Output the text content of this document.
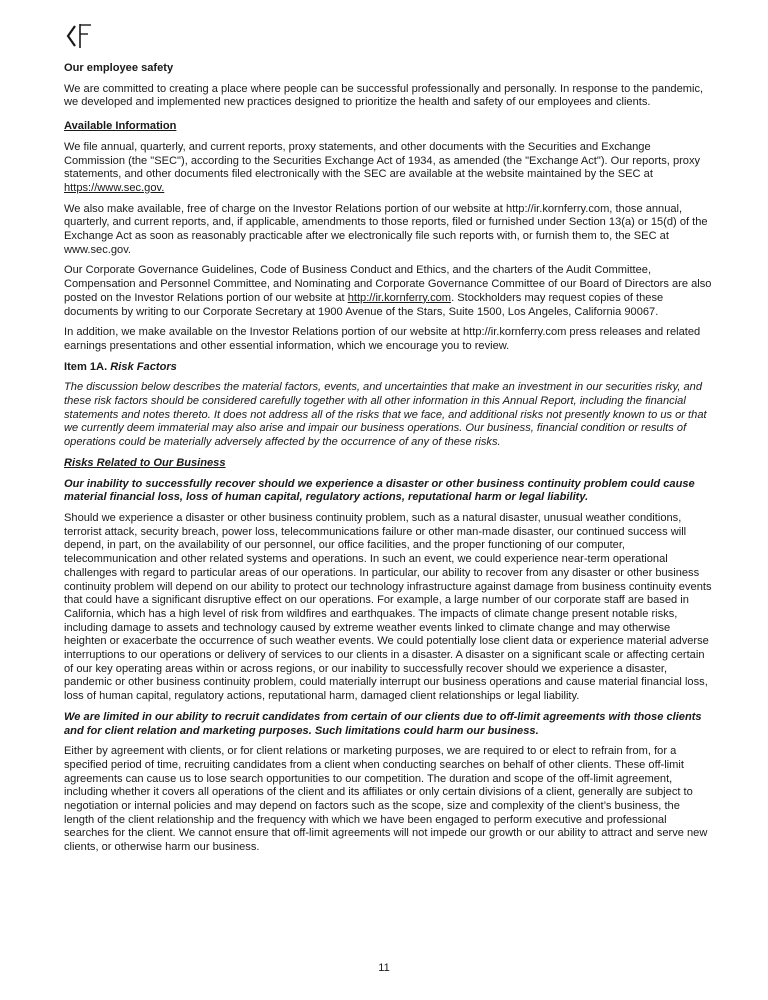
Our employee safety

We are committed to creating a place where people can be successful professionally and personally. In response to the pandemic, we developed and implemented new practices designed to prioritize the health and safety of our employees and clients.

Available Information

We file annual, quarterly, and current reports, proxy statements, and other documents with the Securities and Exchange Commission (the "SEC"), according to the Securities Exchange Act of 1934, as amended (the "Exchange Act"). Our reports, proxy statements, and other documents filed electronically with the SEC are available at the website maintained by the SEC at https://www.sec.gov.

We also make available, free of charge on the Investor Relations portion of our website at http://ir.kornferry.com, those annual, quarterly, and current reports, and, if applicable, amendments to those reports, filed or furnished under Section 13(a) or 15(d) of the Exchange Act as soon as reasonably practicable after we electronically file such reports with, or furnish them to, the SEC at www.sec.gov.

Our Corporate Governance Guidelines, Code of Business Conduct and Ethics, and the charters of the Audit Committee, Compensation and Personnel Committee, and Nominating and Corporate Governance Committee of our Board of Directors are also posted on the Investor Relations portion of our website at http://ir.kornferry.com. Stockholders may request copies of these documents by writing to our Corporate Secretary at 1900 Avenue of the Stars, Suite 1500, Los Angeles, California 90067.

In addition, we make available on the Investor Relations portion of our website at http://ir.kornferry.com press releases and related earnings presentations and other essential information, which we encourage you to review.

Item 1A. Risk Factors

The discussion below describes the material factors, events, and uncertainties that make an investment in our securities risky, and these risk factors should be considered carefully together with all other information in this Annual Report, including the financial statements and notes thereto. It does not address all of the risks that we face, and additional risks not presently known to us or that we currently deem immaterial may also arise and impair our business operations. Our business, financial condition or results of operations could be materially adversely affected by the occurrence of any of these risks.

Risks Related to Our Business

Our inability to successfully recover should we experience a disaster or other business continuity problem could cause material financial loss, loss of human capital, regulatory actions, reputational harm or legal liability.

Should we experience a disaster or other business continuity problem, such as a natural disaster, unusual weather conditions, terrorist attack, security breach, power loss, telecommunications failure or other man-made disaster, our continued success will depend, in part, on the availability of our personnel, our office facilities, and the proper functioning of our computer, telecommunication and other related systems and operations. In such an event, we could experience near-term operational challenges with regard to particular areas of our operations. In particular, our ability to recover from any disaster or other business continuity problem will depend on our ability to protect our technology infrastructure against damage from business continuity events that could have a significant disruptive effect on our operations. For example, a large number of our corporate staff are based in California, which has a high level of risk from wildfires and earthquakes. The impacts of climate change present notable risks, including damage to assets and technology caused by extreme weather events linked to climate change and may otherwise heighten or exacerbate the occurrence of such weather events. We could potentially lose client data or experience material adverse interruptions to our operations or delivery of services to our clients in a disaster. A disaster on a significant scale or affecting certain of our key operating areas within or across regions, or our inability to successfully recover should we experience a disaster, pandemic or other business continuity problem, could materially interrupt our business operations and cause material financial loss, loss of human capital, regulatory actions, reputational harm, damaged client relationships or legal liability.

We are limited in our ability to recruit candidates from certain of our clients due to off-limit agreements with those clients and for client relation and marketing purposes. Such limitations could harm our business.

Either by agreement with clients, or for client relations or marketing purposes, we are required to or elect to refrain from, for a specified period of time, recruiting candidates from a client when conducting searches on behalf of other clients. These off-limit agreements can cause us to lose search opportunities to our competition. The duration and scope of the off-limit agreement, including whether it covers all operations of the client and its affiliates or only certain divisions of a client, generally are subject to negotiation or internal policies and may depend on factors such as the scope, size and complexity of the client’s business, the length of the client relationship and the frequency with which we have been engaged to perform executive and professional searches for the client. We cannot ensure that off-limit agreements will not impede our growth or our ability to attract and serve new clients, or otherwise harm our business.

11
